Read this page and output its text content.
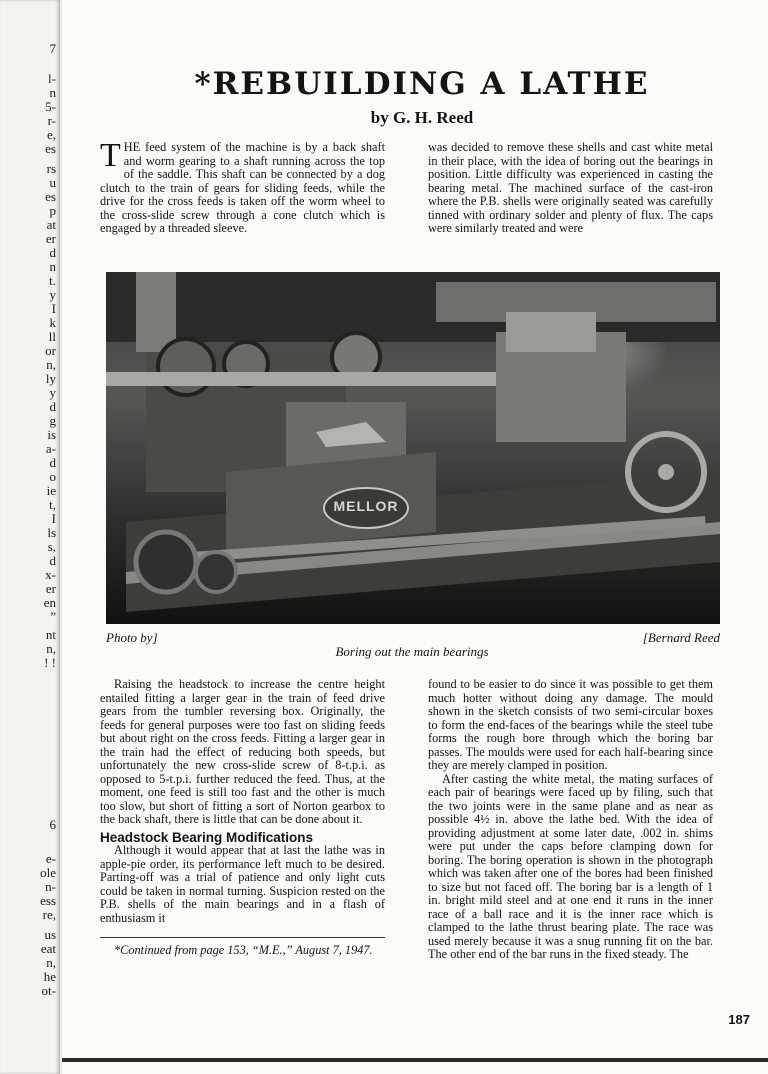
7
l-
n
5-
r-
e,
es
rs
u
es
p
at
er
d
n
t.
y
I
k
ll
or
n,
ly
y
d
g
is
a-
d
o
ie
t,
I
ls
s,
d
x-
er
en
”
nt
n,
! !
6
e-
ole
n-
ess
re,
us
eat
n,
he
ot-
*REBUILDING A LATHE
by G. H. Reed

THE feed system of the machine is by a back shaft and worm gearing to a shaft running across the top of the saddle. This shaft can be connected by a dog clutch to the train of gears for sliding feeds, while the drive for the cross feeds is taken off the worm wheel to the cross-slide screw through a cone clutch which is engaged by a threaded sleeve.

was decided to remove these shells and cast white metal in their place, with the idea of boring out the bearings in position. Little difficulty was experienced in casting the bearing metal. The machined surface of the cast-iron where the P.B. shells were originally seated was carefully tinned with ordinary solder and plenty of flux. The caps were similarly treated and were

MELLOR
Photo by]	[Bernard Reed
Boring out the main bearings

Raising the headstock to increase the centre height entailed fitting a larger gear in the train of feed drive gears from the tumbler reversing box. Originally, the feeds for general purposes were too fast on sliding feeds but about right on the cross feeds. Fitting a larger gear in the train had the effect of reducing both speeds, but unfortunately the new cross-slide screw of 8-t.p.i. as opposed to 5-t.p.i. further reduced the feed. Thus, at the moment, one feed is still too fast and the other is much too slow, but short of fitting a sort of Norton gearbox to the back shaft, there is little that can be done about it.

Headstock Bearing Modifications

Although it would appear that at last the lathe was in apple-pie order, its performance left much to be desired. Parting-off was a trial of patience and only light cuts could be taken in normal turning. Suspicion rested on the P.B. shells of the main bearings and in a flash of enthusiasm it

*Continued from page 153, “M.E.,” August 7, 1947.

found to be easier to do since it was possible to get them much hotter without doing any damage. The mould shown in the sketch consists of two semi-circular boxes to form the end-faces of the bearings while the steel tube forms the rough bore through which the boring bar passes. The moulds were used for each half-bearing since they are merely clamped in position.

After casting the white metal, the mating surfaces of each pair of bearings were faced up by filing, such that the two joints were in the same plane and as near as possible 4½ in. above the lathe bed. With the idea of providing adjustment at some later date, .002 in. shims were put under the caps before clamping down for boring. The boring operation is shown in the photograph which was taken after one of the bores had been finished to size but not faced off. The boring bar is a length of 1 in. bright mild steel and at one end it runs in the inner race of a ball race and it is the inner race which is clamped to the lathe thrust bearing plate. The race was used merely because it was a snug running fit on the bar. The other end of the bar runs in the fixed steady. The

187
